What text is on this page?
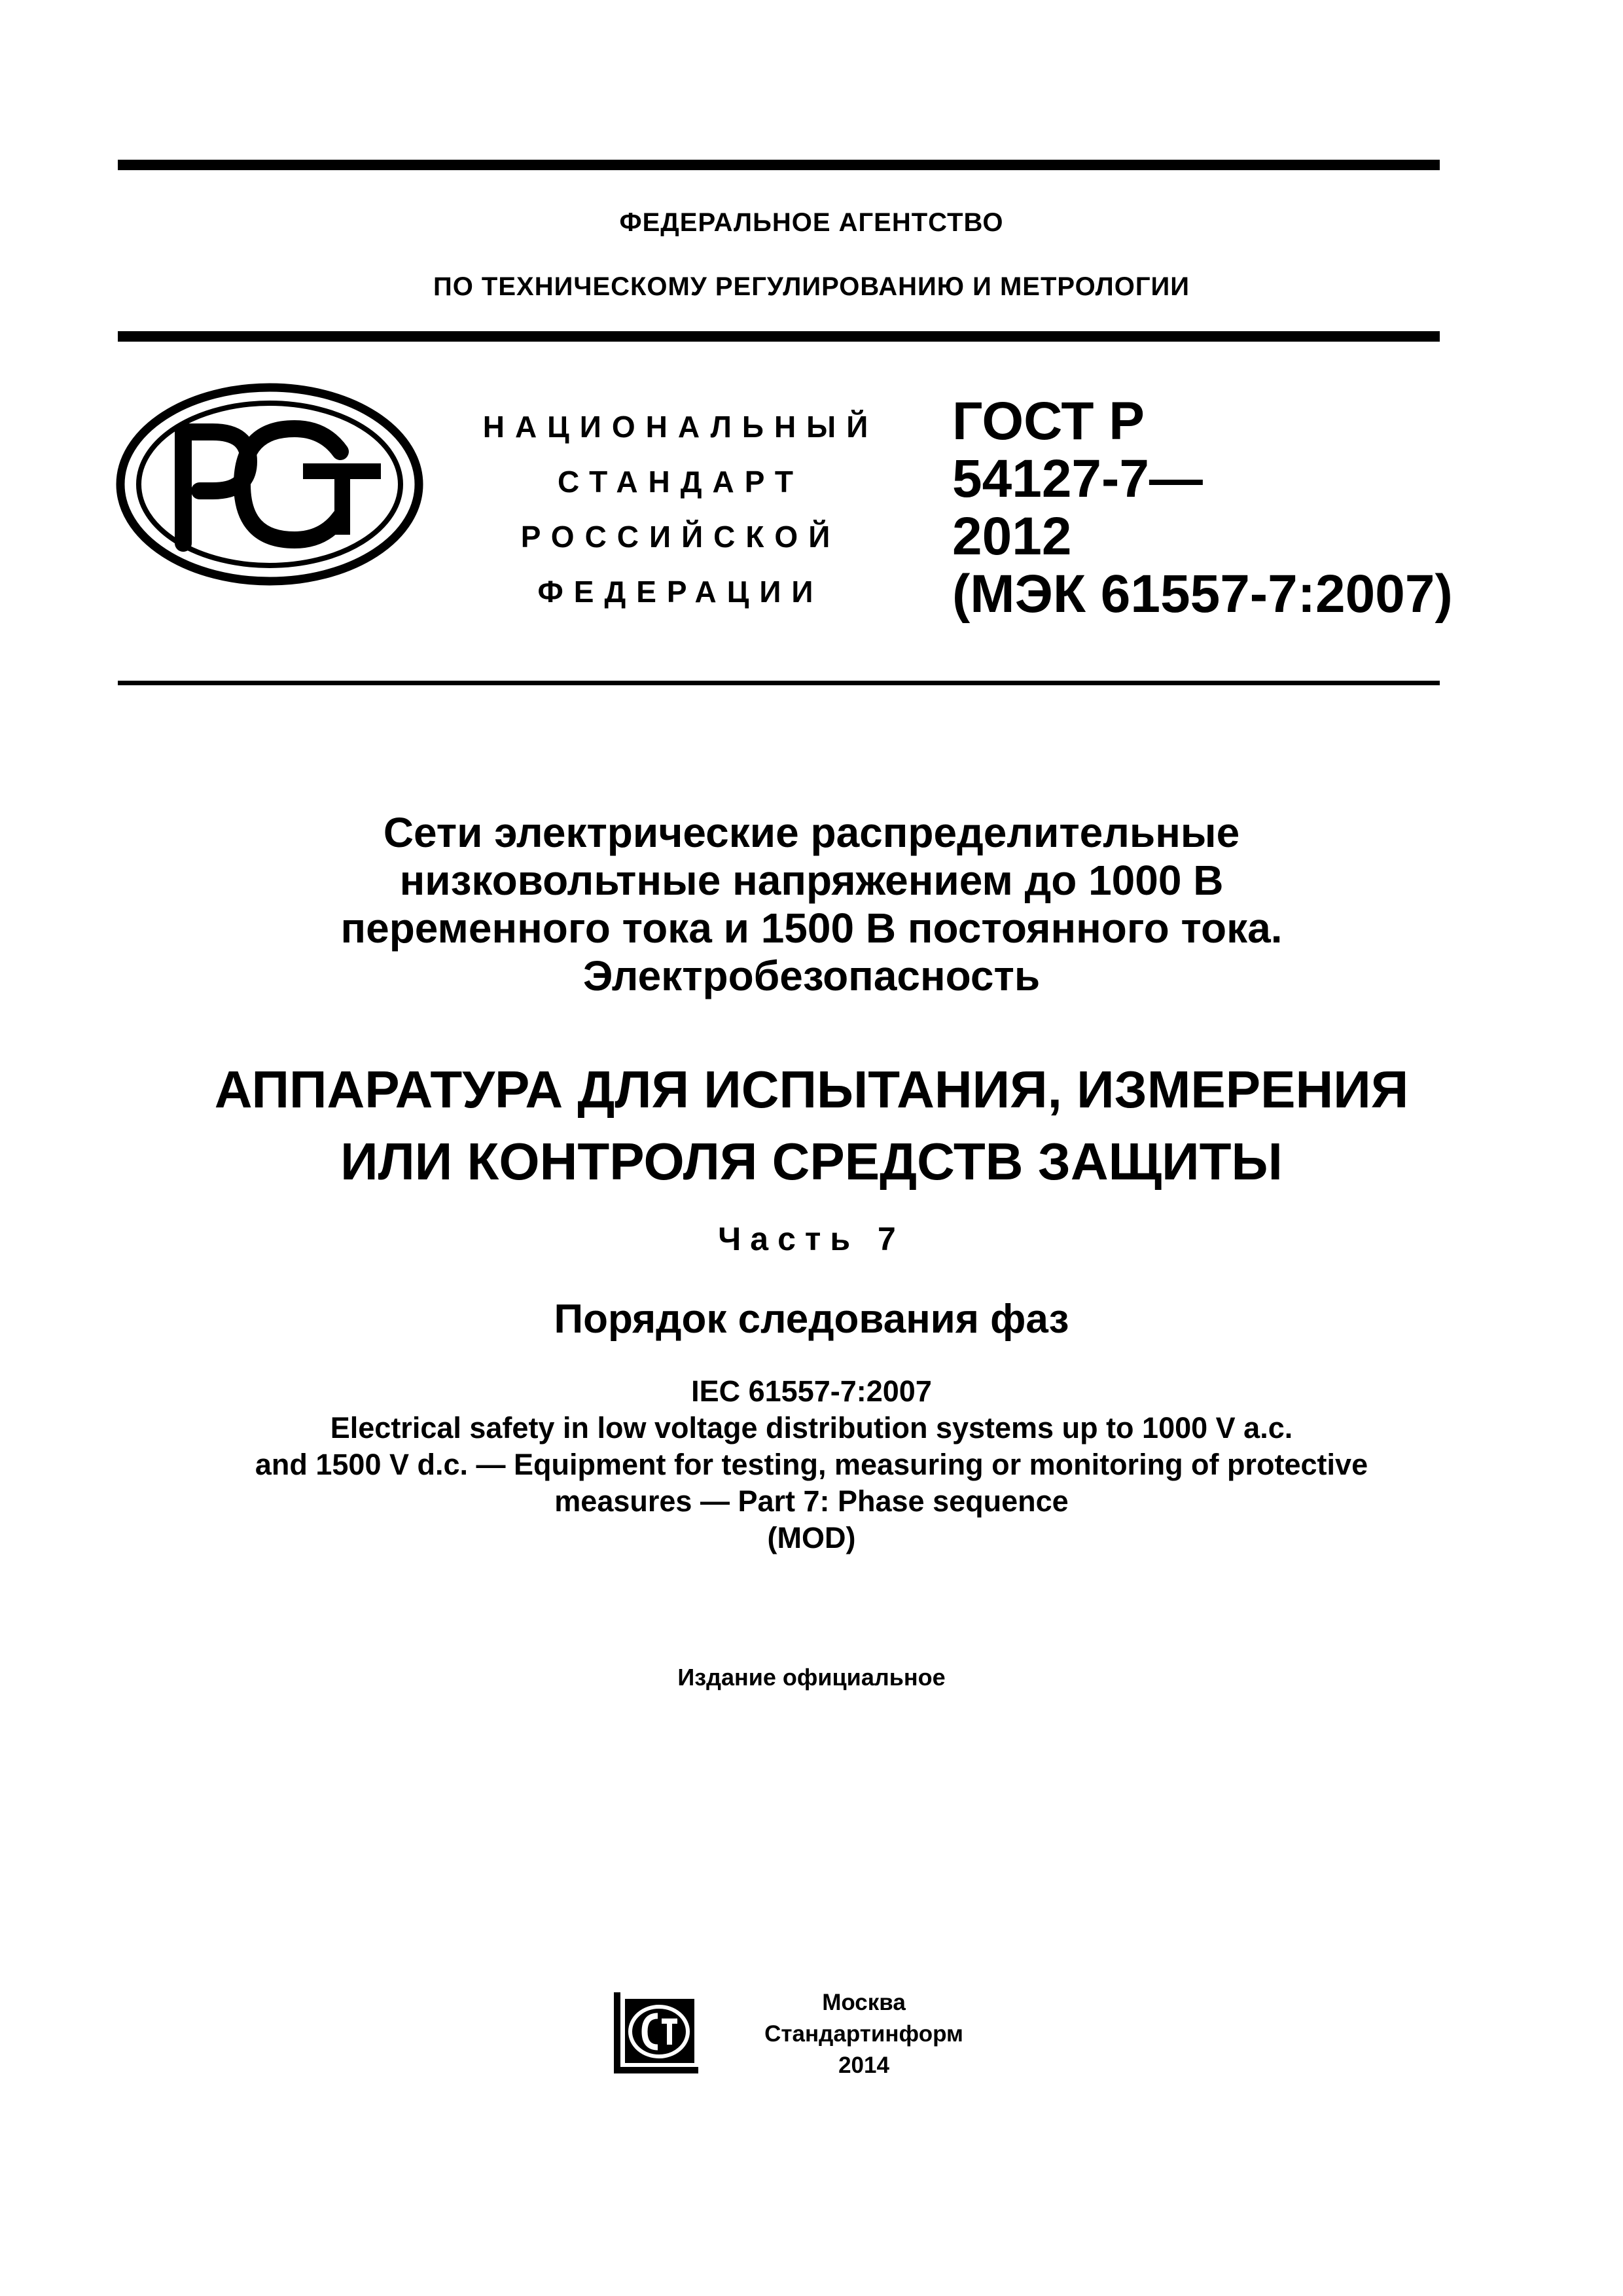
ФЕДЕРАЛЬНОЕ АГЕНТСТВО
ПО ТЕХНИЧЕСКОМУ РЕГУЛИРОВАНИЮ И МЕТРОЛОГИИ
НАЦИОНАЛЬНЫЙ
СТАНДАРТ
РОССИЙСКОЙ
ФЕДЕРАЦИИ
ГОСТ Р
54127-7—
2012
(МЭК 61557-7:2007)
Сети электрические распределительные
низковольтные напряжением до 1000 В
переменного тока и 1500 В постоянного тока.
Электробезопасность
АППАРАТУРА ДЛЯ ИСПЫТАНИЯ, ИЗМЕРЕНИЯ
ИЛИ КОНТРОЛЯ СРЕДСТВ ЗАЩИТЫ
Часть 7
Порядок следования фаз
IEC 61557-7:2007
Electrical safety in low voltage distribution systems up to 1000 V a.c.
and 1500 V d.c. — Equipment for testing, measuring or monitoring of protective
measures — Part 7: Phase sequence
(MOD)
Издание официальное
Москва
Стандартинформ
2014
